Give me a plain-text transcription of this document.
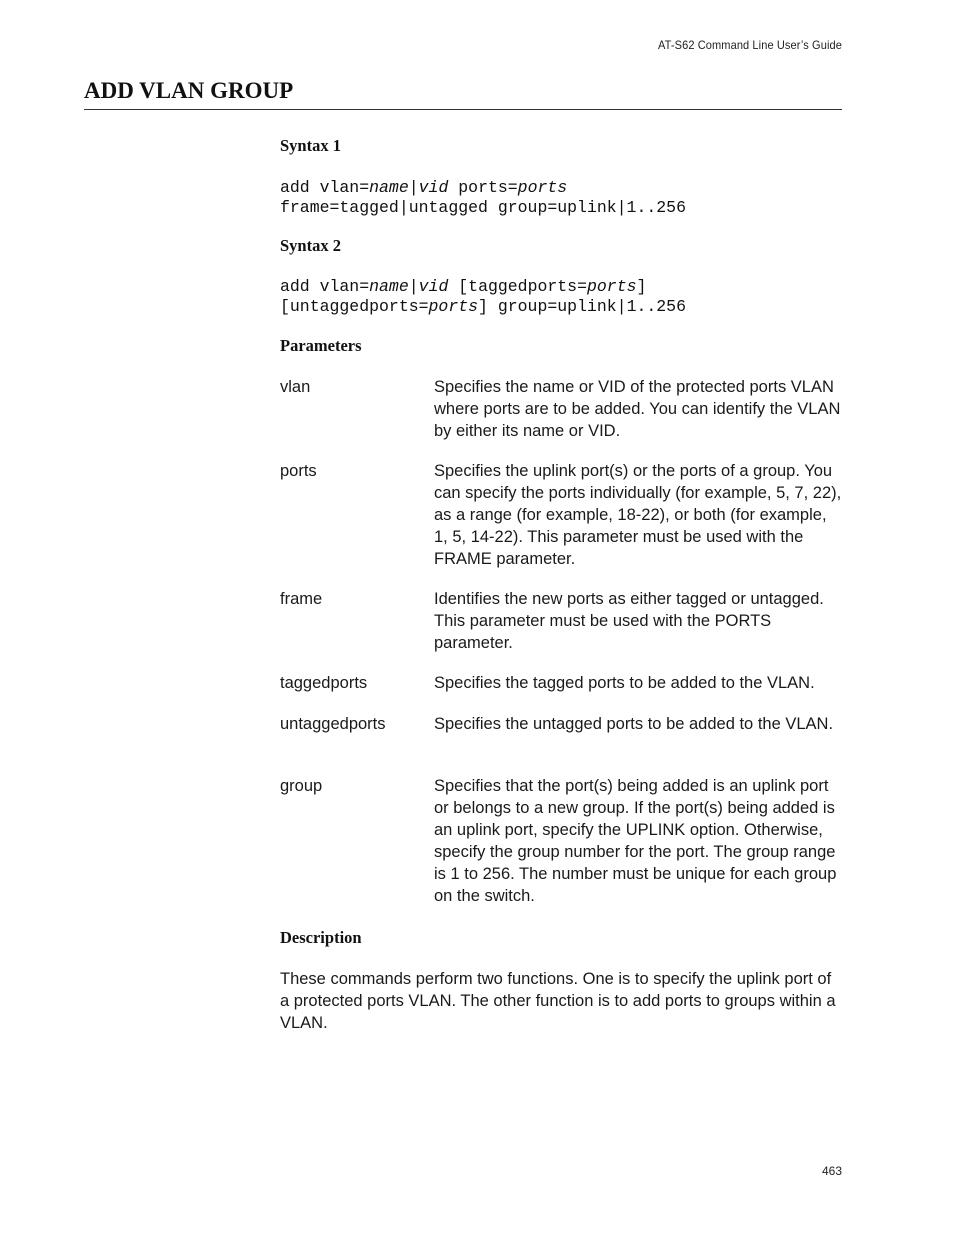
AT-S62 Command Line User’s Guide
ADD VLAN GROUP
Syntax 1
add vlan=name|vid ports=ports
frame=tagged|untagged group=uplink|1..256
Syntax 2
add vlan=name|vid [taggedports=ports]
[untaggedports=ports] group=uplink|1..256
Parameters
vlan	Specifies the name or VID of the protected ports VLAN where ports are to be added. You can identify the VLAN by either its name or VID.
ports	Specifies the uplink port(s) or the ports of a group. You can specify the ports individually (for example, 5, 7, 22), as a range (for example, 18-22), or both (for example, 1, 5, 14-22). This parameter must be used with the FRAME parameter.
frame	Identifies the new ports as either tagged or untagged. This parameter must be used with the PORTS parameter.
taggedports	Specifies the tagged ports to be added to the VLAN.
untaggedports	Specifies the untagged ports to be added to the VLAN.
group	Specifies that the port(s) being added is an uplink port or belongs to a new group. If the port(s) being added is an uplink port, specify the UPLINK option. Otherwise, specify the group number for the port. The group range is 1 to 256. The number must be unique for each group on the switch.
Description

These commands perform two functions. One is to specify the uplink port of a protected ports VLAN. The other function is to add ports to groups within a VLAN.

463
